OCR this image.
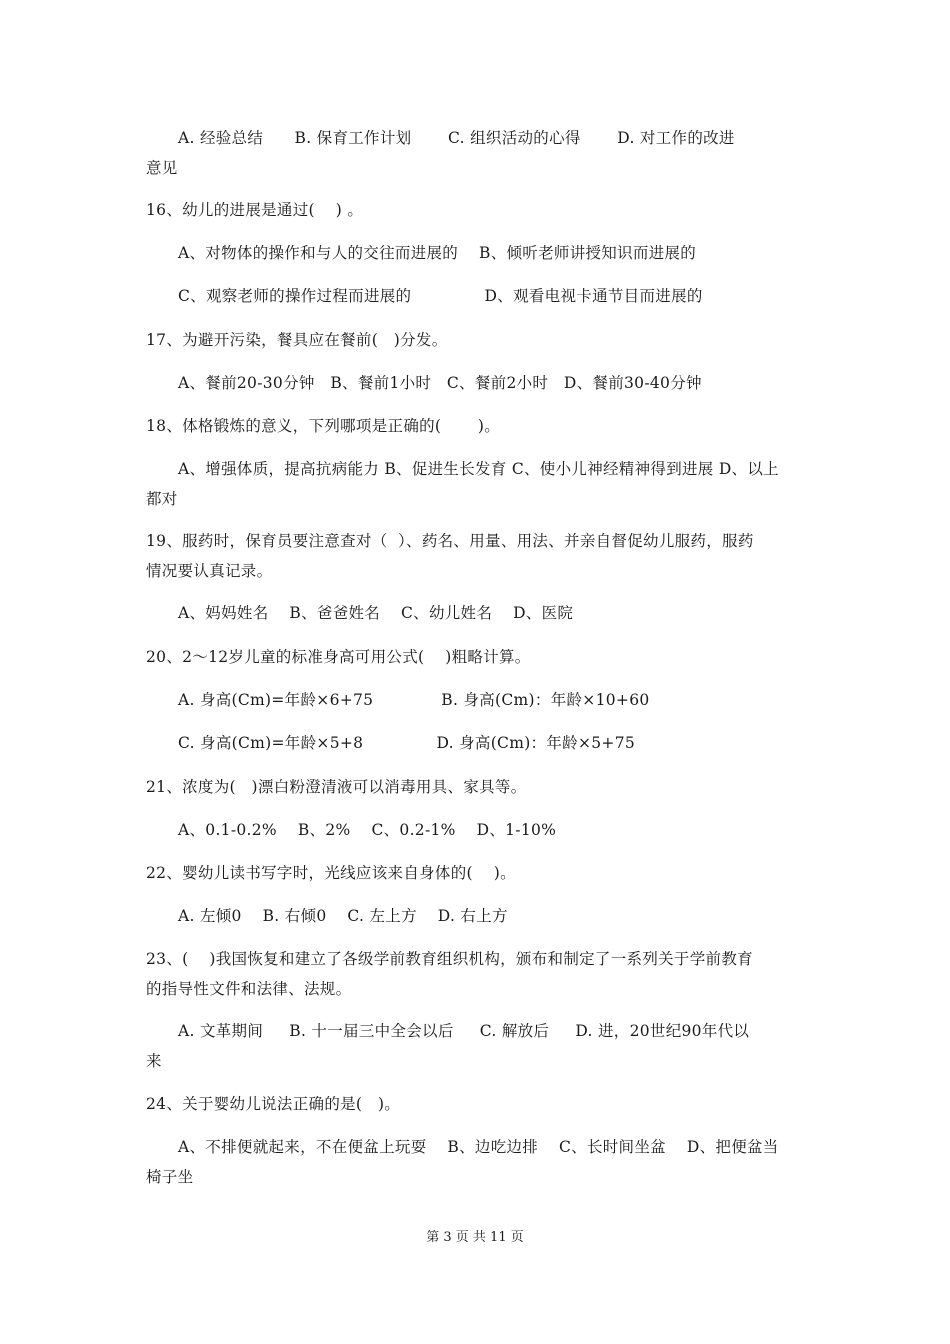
A. 经验总结      B. 保育工作计划       C. 组织活动的心得       D. 对工作的改进
意见
16、幼儿的进展是通过(    ) 。
A、对物体的操作和与人的交往而进展的    B、倾听老师讲授知识而进展的
C、观察老师的操作过程而进展的              D、观看电视卡通节目而进展的
17、为避开污染，餐具应在餐前(   )分发。
A、餐前20-30分钟   B、餐前1小时   C、餐前2小时   D、餐前30-40分钟
18、体格锻炼的意义，下列哪项是正确的(       )。
A、增强体质，提高抗病能力 B、促进生长发育 C、使小儿神经精神得到进展 D、以上
都对
19、服药时，保育员要注意查对（  ）、药名、用量、用法、并亲自督促幼儿服药，服药
情况要认真记录。
A、妈妈姓名    B、爸爸姓名    C、幼儿姓名    D、医院
20、2～12岁儿童的标准身高可用公式(    )粗略计算。
A. 身高(Cm)=年龄×6+75             B. 身高(Cm)：年龄×10+60
C. 身高(Cm)=年龄×5+8              D. 身高(Cm)：年龄×5+75
21、浓度为(   )漂白粉澄清液可以消毒用具、家具等。
A、0.1-0.2%    B、2%    C、0.2-1%    D、1-10%
22、婴幼儿读书写字时，光线应该来自身体的(    )。
A. 左倾0    B. 右倾0    C. 左上方    D. 右上方
23、(    )我国恢复和建立了各级学前教育组织机构，颁布和制定了一系列关于学前教育
的指导性文件和法律、法规。
A. 文革期间     B. 十一届三中全会以后     C. 解放后     D. 进，20世纪90年代以
来
24、关于婴幼儿说法正确的是(   )。
A、不排便就起来，不在便盆上玩耍    B、边吃边排    C、长时间坐盆    D、把便盆当
椅子坐
第 3 页 共 11 页
